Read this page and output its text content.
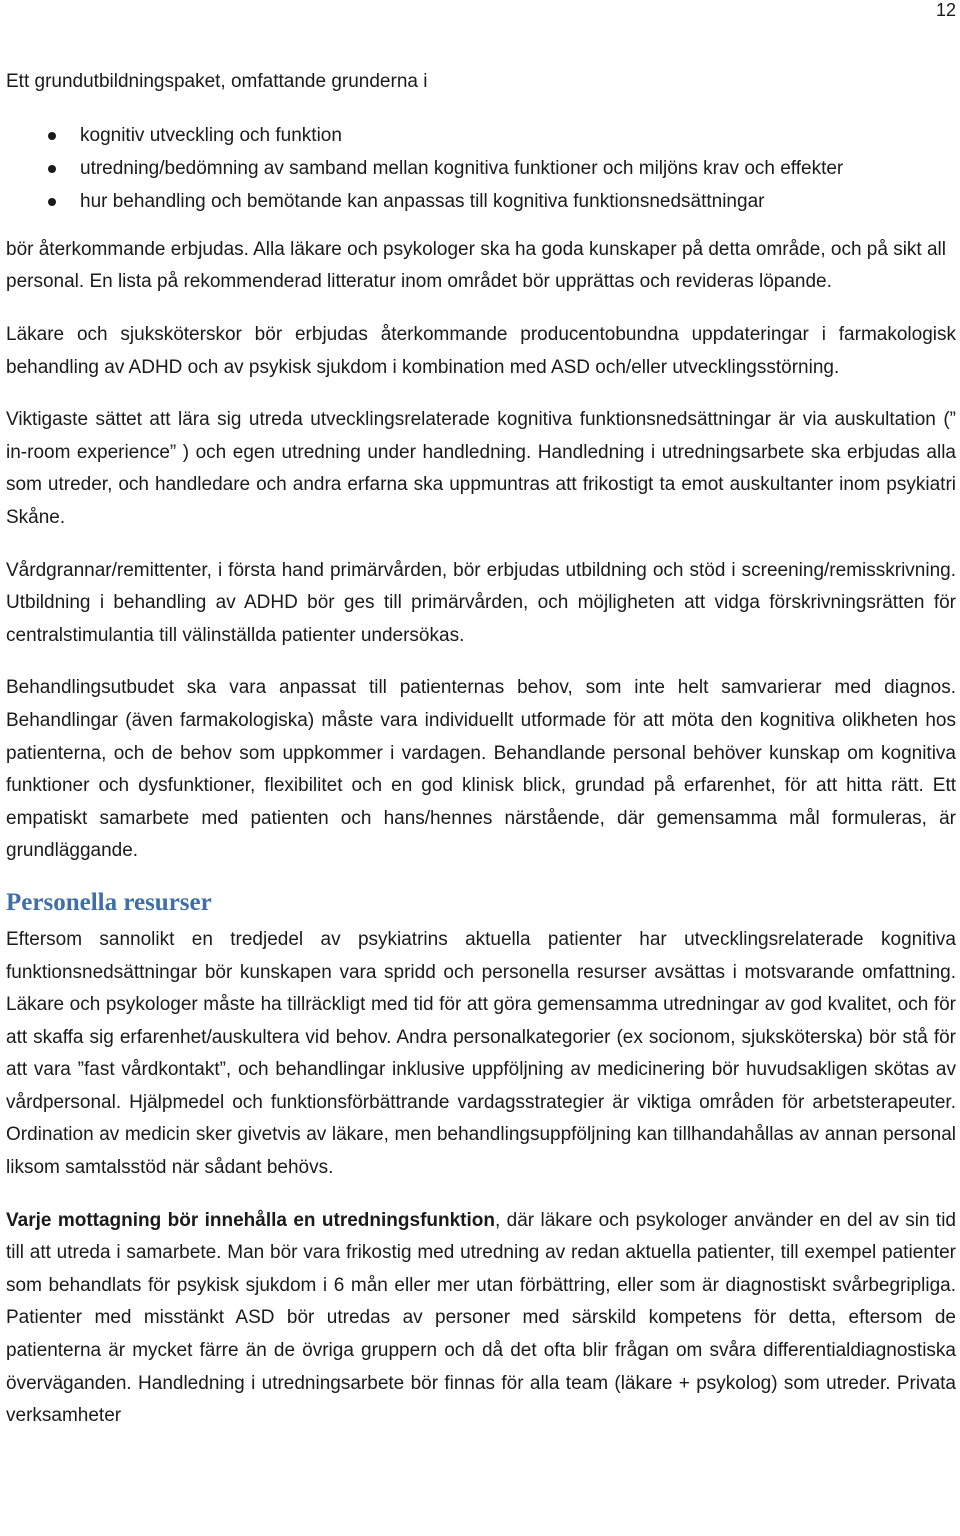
12

Ett grundutbildningspaket, omfattande grunderna i

kognitiv utveckling och funktion
utredning/bedömning av samband mellan kognitiva funktioner och miljöns krav och effekter
hur behandling och bemötande kan anpassas till kognitiva funktionsnedsättningar

bör återkommande erbjudas. Alla läkare och psykologer ska ha goda kunskaper på detta område, och på sikt all personal. En lista på rekommenderad litteratur inom området bör upprättas och revideras löpande.

Läkare och sjuksköterskor bör erbjudas återkommande producentobundna uppdateringar i farmakologisk behandling av ADHD och av psykisk sjukdom i kombination med ASD och/eller utvecklingsstörning.

Viktigaste sättet att lära sig utreda utvecklingsrelaterade kognitiva funktionsnedsättningar är via auskultation (” in-room experience” ) och egen utredning under handledning. Handledning i utredningsarbete ska erbjudas alla som utreder, och handledare och andra erfarna ska uppmuntras att frikostigt ta emot auskultanter inom psykiatri Skåne.

Vårdgrannar/remittenter, i första hand primärvården, bör erbjudas utbildning och stöd i screening/remisskrivning. Utbildning i behandling av ADHD bör ges till primärvården, och möjligheten att vidga förskrivningsrätten för centralstimulantia till välinställda patienter undersökas.

Behandlingsutbudet ska vara anpassat till patienternas behov, som inte helt samvarierar med diagnos. Behandlingar (även farmakologiska) måste vara individuellt utformade för att möta den kognitiva olikheten hos patienterna, och de behov som uppkommer i vardagen. Behandlande personal behöver kunskap om kognitiva funktioner och dysfunktioner, flexibilitet och en god klinisk blick, grundad på erfarenhet, för att hitta rätt. Ett empatiskt samarbete med patienten och hans/hennes närstående, där gemensamma mål formuleras, är grundläggande.

Personella resurser

Eftersom sannolikt en tredjedel av psykiatrins aktuella patienter har utvecklingsrelaterade kognitiva funktionsnedsättningar bör kunskapen vara spridd och personella resurser avsättas i motsvarande omfattning. Läkare och psykologer måste ha tillräckligt med tid för att göra gemensamma utredningar av god kvalitet, och för att skaffa sig erfarenhet/auskultera vid behov. Andra personalkategorier (ex socionom, sjuksköterska) bör stå för att vara ”fast vårdkontakt”, och behandlingar inklusive uppföljning av medicinering bör huvudsakligen skötas av vårdpersonal. Hjälpmedel och funktionsförbättrande vardagsstrategier är viktiga områden för arbetsterapeuter. Ordination av medicin sker givetvis av läkare, men behandlingsuppföljning kan tillhandahållas av annan personal liksom samtalsstöd när sådant behövs.

Varje mottagning bör innehålla en utredningsfunktion, där läkare och psykologer använder en del av sin tid till att utreda i samarbete. Man bör vara frikostig med utredning av redan aktuella patienter, till exempel patienter som behandlats för psykisk sjukdom i 6 mån eller mer utan förbättring, eller som är diagnostiskt svårbegripliga. Patienter med misstänkt ASD bör utredas av personer med särskild kompetens för detta, eftersom de patienterna är mycket färre än de övriga gruppern och då det ofta blir frågan om svåra differentialdiagnostiska överväganden. Handledning i utredningsarbete bör finnas för alla team (läkare + psykolog) som utreder. Privata verksamheter
